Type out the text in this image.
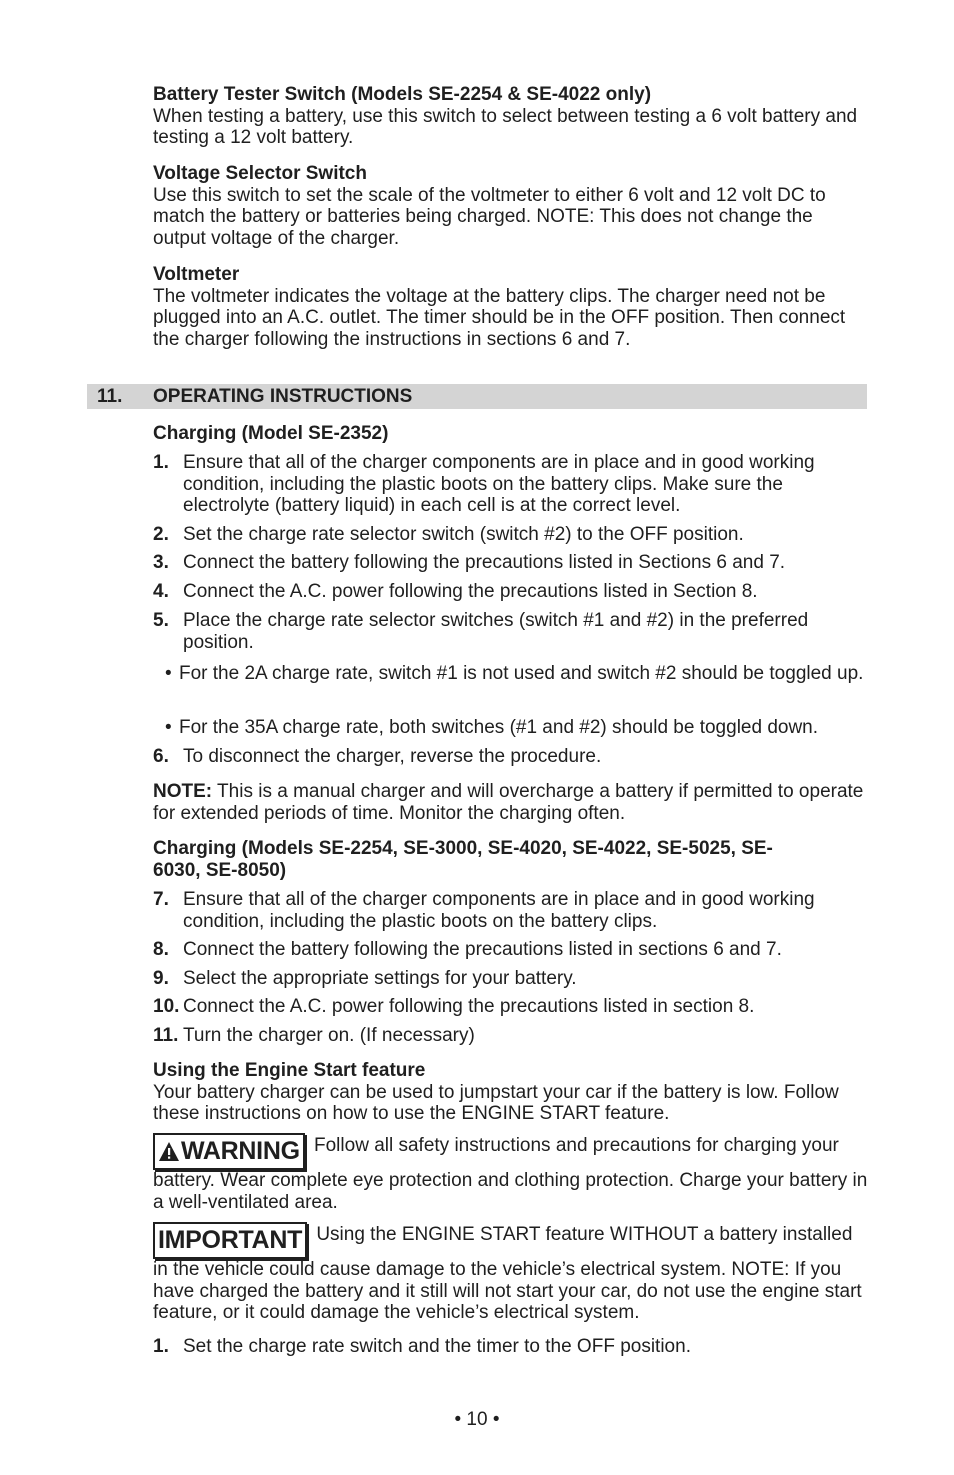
Battery Tester Switch (Models SE-2254 & SE-4022 only)
When testing a battery, use this switch to select between testing a 6 volt battery and testing a 12 volt battery.
Voltage Selector Switch
Use this switch to set the scale of the voltmeter to either 6 volt and 12 volt DC to match the battery or batteries being charged. NOTE: This does not change the output voltage of the charger.
Voltmeter
The voltmeter indicates the voltage at the battery clips. The charger need not be plugged into an A.C. outlet. The timer should be in the OFF position. Then connect the charger following the instructions in sections 6 and 7.
11. OPERATING INSTRUCTIONS
Charging (Model SE-2352)
1. Ensure that all of the charger components are in place and in good working condition, including the plastic boots on the battery clips. Make sure the electrolyte (battery liquid) in each cell is at the correct level.
2. Set the charge rate selector switch (switch #2) to the OFF position.
3. Connect the battery following the precautions listed in Sections 6 and 7.
4. Connect the A.C. power following the precautions listed in Section 8.
5. Place the charge rate selector switches (switch #1 and #2) in the preferred position.
• For the 2A charge rate, switch #1 is not used and switch #2 should be toggled up.
• For the 35A charge rate, both switches (#1 and #2) should be toggled down.
6. To disconnect the charger, reverse the procedure.
NOTE: This is a manual charger and will overcharge a battery if permitted to operate for extended periods of time. Monitor the charging often.
Charging (Models SE-2254, SE-3000, SE-4020, SE-4022, SE-5025, SE-6030, SE-8050)
7. Ensure that all of the charger components are in place and in good working condition, including the plastic boots on the battery clips.
8. Connect the battery following the precautions listed in sections 6 and 7.
9. Select the appropriate settings for your battery.
10. Connect the A.C. power following the precautions listed in section 8.
11. Turn the charger on. (If necessary)
Using the Engine Start feature
Your battery charger can be used to jumpstart your car if the battery is low. Follow these instructions on how to use the ENGINE START feature.
WARNING Follow all safety instructions and precautions for charging your battery. Wear complete eye protection and clothing protection. Charge your battery in a well-ventilated area.
IMPORTANT Using the ENGINE START feature WITHOUT a battery installed in the vehicle could cause damage to the vehicle’s electrical system. NOTE: If you have charged the battery and it still will not start your car, do not use the engine start feature, or it could damage the vehicle’s electrical system.
1. Set the charge rate switch and the timer to the OFF position.
• 10 •
